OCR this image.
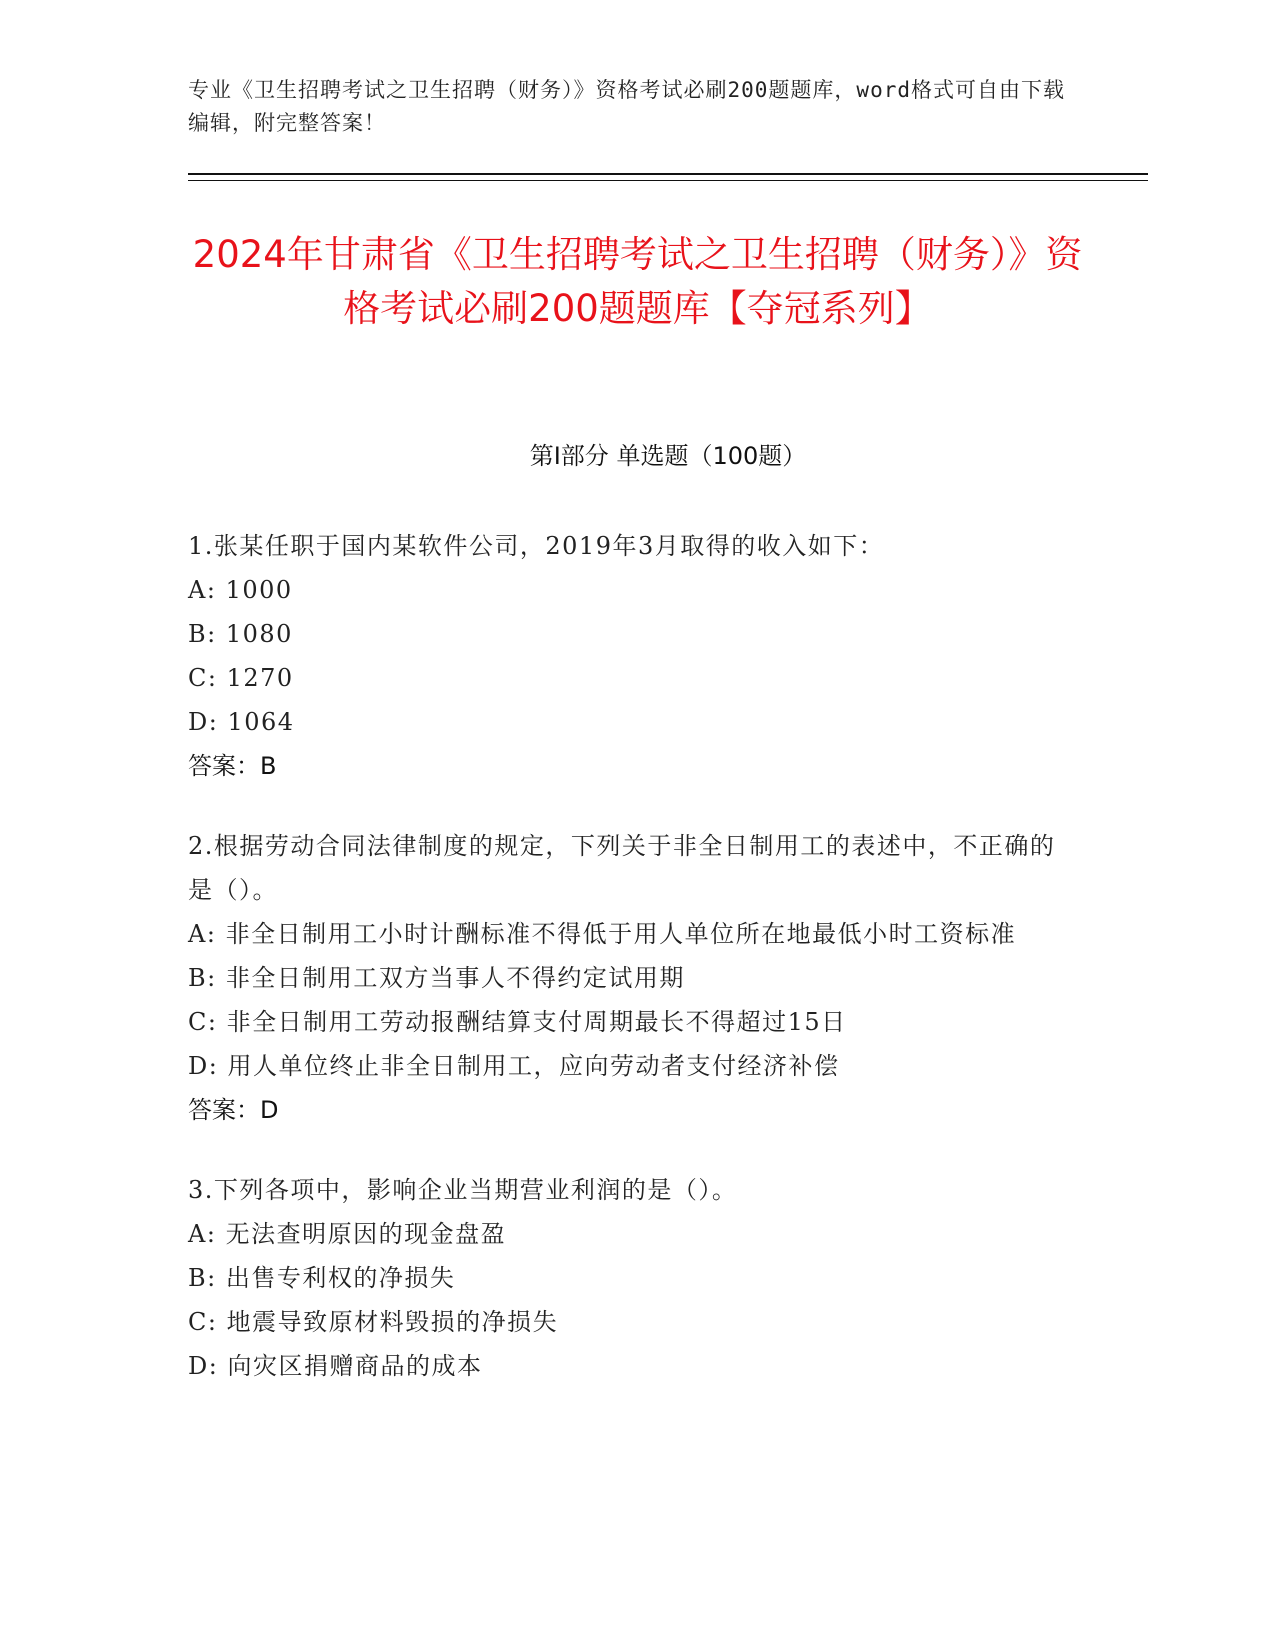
专业《卫生招聘考试之卫生招聘（财务）》资格考试必刷200题题库，word格式可自由下载编辑，附完整答案！
2024年甘肃省《卫生招聘考试之卫生招聘（财务）》资格考试必刷200题题库【夺冠系列】
第I部分 单选题（100题）
1.张某任职于国内某软件公司，2019年3月取得的收入如下：
A: 1000
B: 1080
C: 1270
D: 1064
答案：B
2.根据劳动合同法律制度的规定，下列关于非全日制用工的表述中，不正确的是（）。
A: 非全日制用工小时计酬标准不得低于用人单位所在地最低小时工资标准
B: 非全日制用工双方当事人不得约定试用期
C: 非全日制用工劳动报酬结算支付周期最长不得超过15日
D: 用人单位终止非全日制用工，应向劳动者支付经济补偿
答案：D
3.下列各项中，影响企业当期营业利润的是（）。
A: 无法查明原因的现金盘盈
B: 出售专利权的净损失
C: 地震导致原材料毁损的净损失
D: 向灾区捐赠商品的成本
